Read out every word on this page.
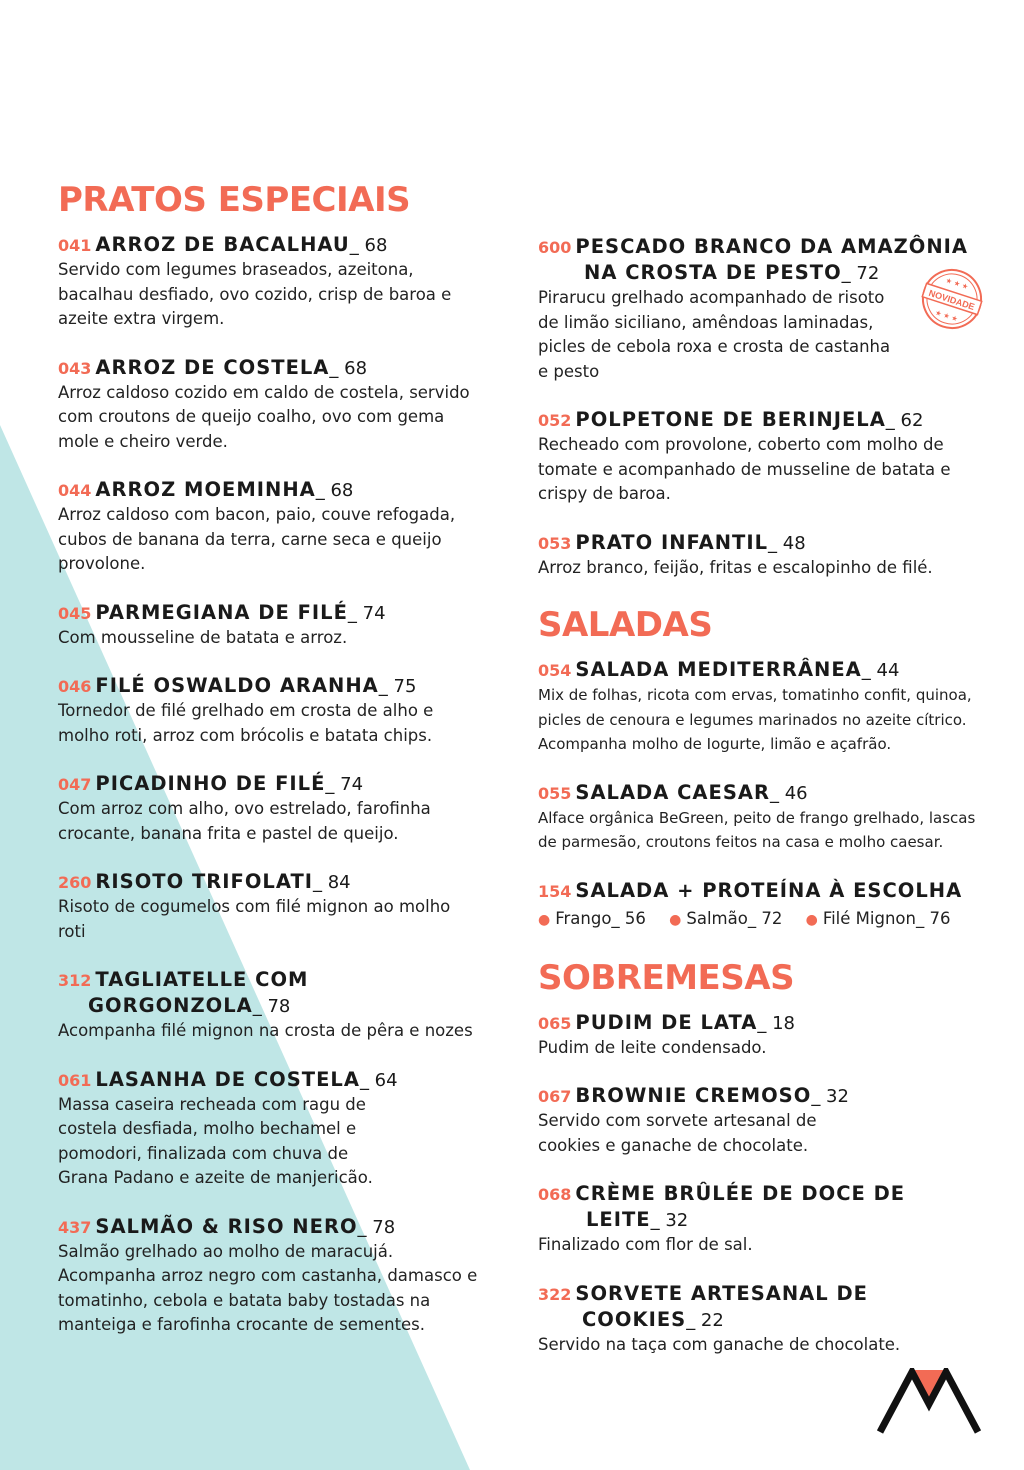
PRATOS ESPECIAIS
041 ARROZ DE BACALHAU_ 68
Servido com legumes braseados, azeitona, bacalhau desfiado, ovo cozido, crisp de baroa e azeite extra virgem.
043 ARROZ DE COSTELA_ 68
Arroz caldoso cozido em caldo de costela, servido com croutons de queijo coalho, ovo com gema mole e cheiro verde.
044 ARROZ MOEMINHA_ 68
Arroz caldoso com bacon, paio, couve refogada, cubos de banana da terra, carne seca e queijo provolone.
045 PARMEGIANA DE FILÉ_ 74
Com mousseline de batata e arroz.
046 FILÉ OSWALDO ARANHA_ 75
Tornedor de filé grelhado em crosta de alho e molho roti, arroz com brócolis e batata chips.
047 PICADINHO DE FILÉ_ 74
Com arroz com alho, ovo estrelado, farofinha crocante, banana frita e pastel de queijo.
260 RISOTO TRIFOLATI_ 84
Risoto de cogumelos com filé mignon ao molho roti
312 TAGLIATELLE COM
GORGONZOLA_ 78
Acompanha filé mignon na crosta de pêra e nozes
061 LASANHA DE COSTELA_ 64
Massa caseira recheada com ragu de costela desfiada, molho bechamel e pomodori, finalizada com chuva de Grana Padano e azeite de manjericão.
437 SALMÃO & RISO NERO_ 78
Salmão grelhado ao molho de maracujá. Acompanha arroz negro com castanha, damasco e tomatinho, cebola e batata baby tostadas na manteiga e farofinha crocante de sementes.
600 PESCADO BRANCO DA AMAZÔNIA
NA CROSTA DE PESTO_ 72
Pirarucu grelhado acompanhado de risoto de limão siciliano, amêndoas laminadas, picles de cebola roxa e crosta de castanha e pesto
NOVIDADE
★ ★ ★
★ ★ ★
052 POLPETONE DE BERINJELA_ 62
Recheado com provolone, coberto com molho de tomate e acompanhado de musseline de batata e crispy de baroa.
053 PRATO INFANTIL_ 48
Arroz branco, feijão, fritas e escalopinho de filé.
SALADAS
054 SALADA MEDITERRÂNEA_ 44
Mix de folhas, ricota com ervas, tomatinho confit, quinoa, picles de cenoura e legumes marinados no azeite cítrico. Acompanha molho de Iogurte, limão e açafrão.
055 SALADA CAESAR_ 46
Alface orgânica BeGreen, peito de frango grelhado, lascas de parmesão, croutons feitos na casa e molho caesar.
154 SALADA + PROTEÍNA À ESCOLHA
● Frango_ 56 ● Salmão_ 72 ● Filé Mignon_ 76
SOBREMESAS
065 PUDIM DE LATA_ 18
Pudim de leite condensado.
067 BROWNIE CREMOSO_ 32
Servido com sorvete artesanal de cookies e ganache de chocolate.
068 CRÈME BRÛLÉE DE DOCE DE
LEITE_ 32
Finalizado com flor de sal.
322 SORVETE ARTESANAL DE
COOKIES_ 22
Servido na taça com ganache de chocolate.
